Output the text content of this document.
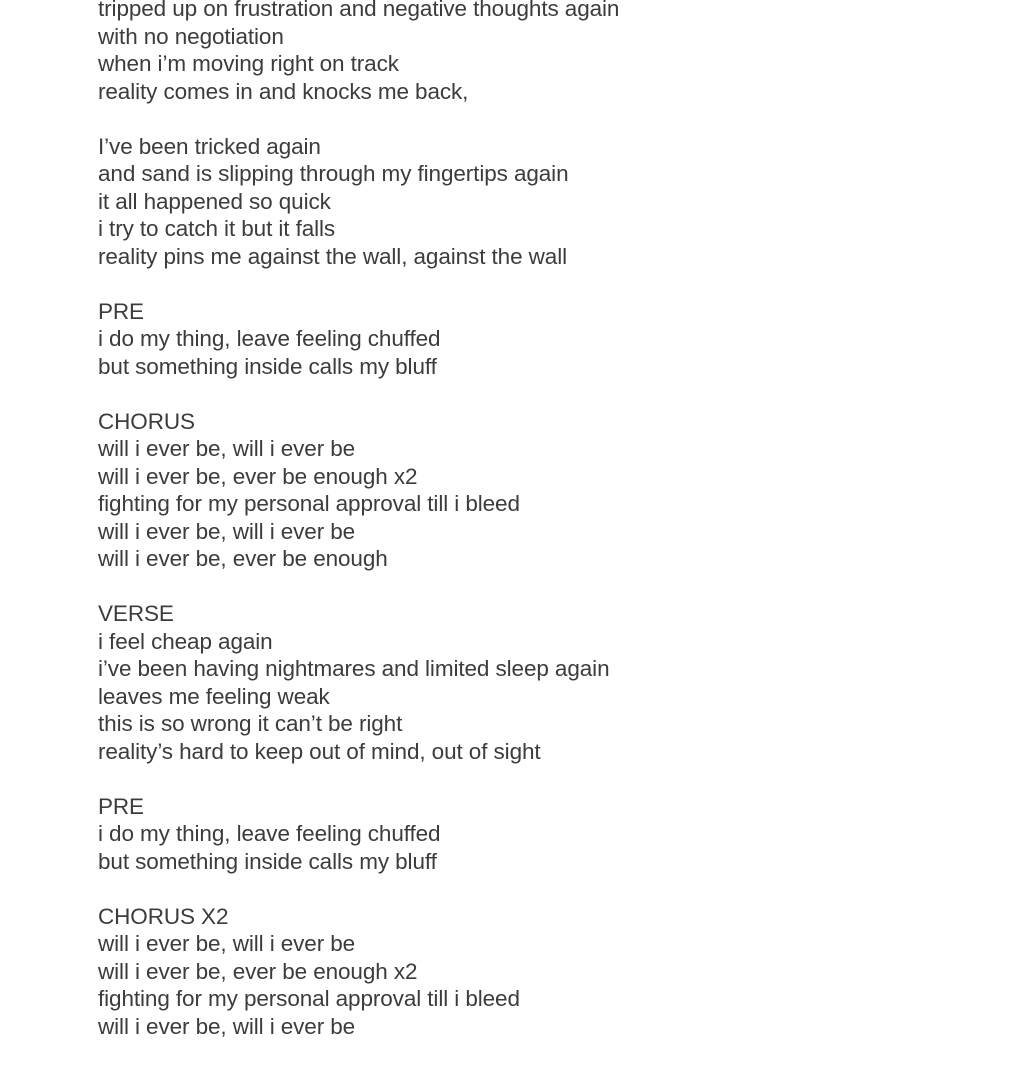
tripped up on frustration and negative thoughts again
with no negotiation
when i’m moving right on track
reality comes in and knocks me back,
I’ve been tricked again
and sand is slipping through my fingertips again
it all happened so quick
i try to catch it but it falls
reality pins me against the wall, against the wall
PRE
i do my thing, leave feeling chuffed
but something inside calls my bluff
CHORUS
will i ever be, will i ever be
will i ever be, ever be enough x2
fighting for my personal approval till i bleed
will i ever be, will i ever be
will i ever be, ever be enough
VERSE
i feel cheap again
i’ve been having nightmares and limited sleep again
leaves me feeling weak
this is so wrong it can’t be right
reality’s hard to keep out of mind, out of sight
PRE
i do my thing, leave feeling chuffed
but something inside calls my bluff
CHORUS X2
will i ever be, will i ever be
will i ever be, ever be enough x2
fighting for my personal approval till i bleed
will i ever be, will i ever be
